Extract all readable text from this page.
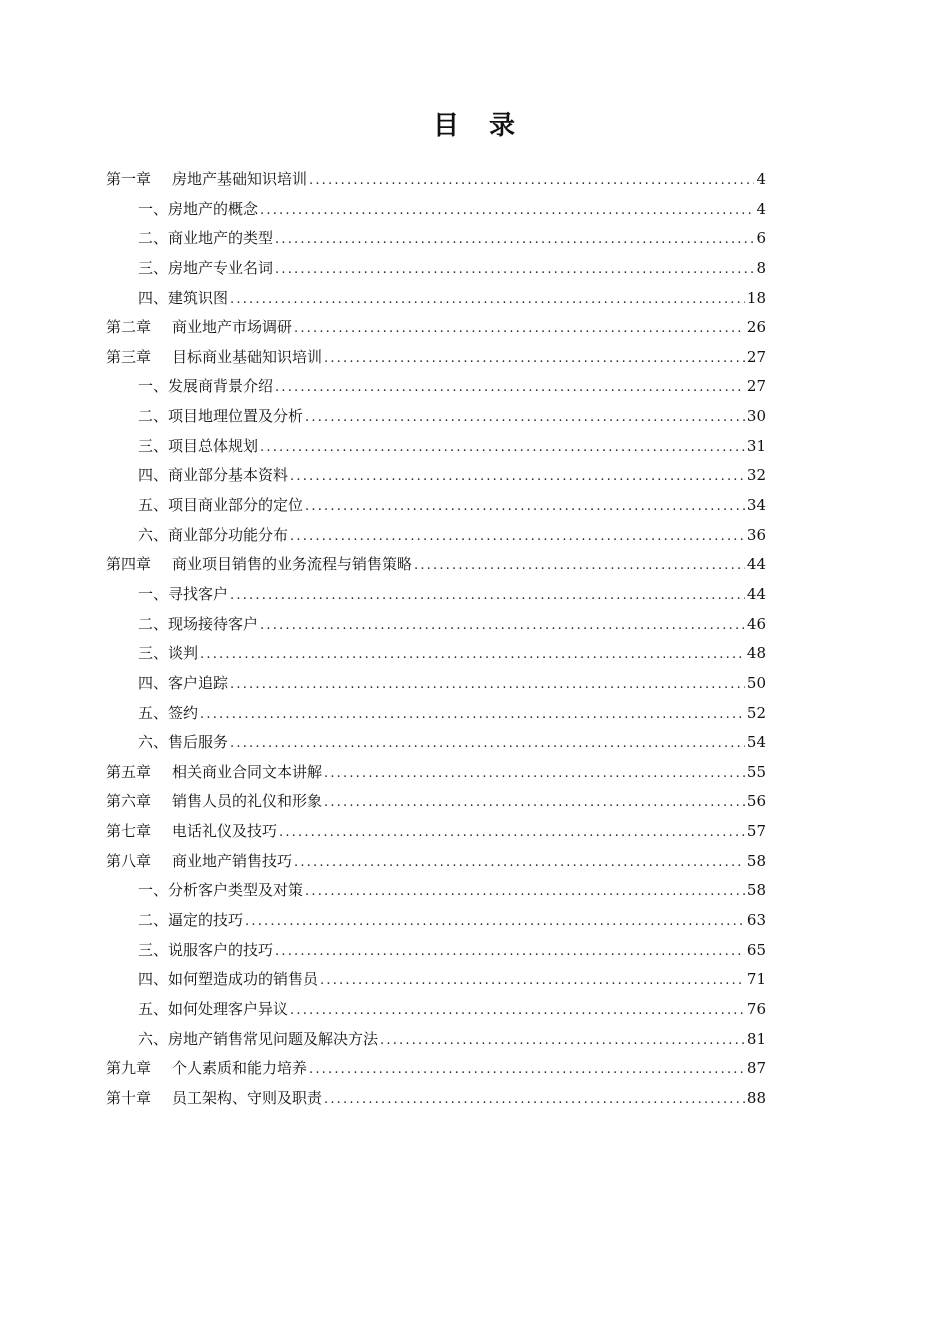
目　录
第一章	房地产基础知识培训 .....	4
一、 房地产的概念 .....	4
二、 商业地产的类型 .....	6
三、 房地产专业名词 .....	8
四、 建筑识图 .....	18
第二章	商业地产市场调研 .....	26
第三章	目标商业基础知识培训 .....	27
一、 发展商背景介绍 .....	27
二、 项目地理位置及分析 .....	30
三、 项目总体规划 .....	31
四、 商业部分基本资料 .....	32
五、 项目商业部分的定位 .....	34
六、 商业部分功能分布 .....	36
第四章	商业项目销售的业务流程与销售策略 .....	44
一、 寻找客户 .....	44
二、 现场接待客户 .....	46
三、 谈判 .....	48
四、 客户追踪 .....	50
五、 签约 .....	52
六、 售后服务 .....	54
第五章	相关商业合同文本讲解 .....	55
第六章	销售人员的礼仪和形象 .....	56
第七章	电话礼仪及技巧 .....	57
第八章	商业地产销售技巧 .....	58
一、 分析客户类型及对策 .....	58
二、 逼定的技巧 .....	63
三、 说服客户的技巧 .....	65
四、 如何塑造成功的销售员 .....	71
五、 如何处理客户异议 .....	76
六、 房地产销售常见问题及解决方法 .....	81
第九章	个人素质和能力培养 .....	87
第十章	员工架构、守则及职责 .....	88
